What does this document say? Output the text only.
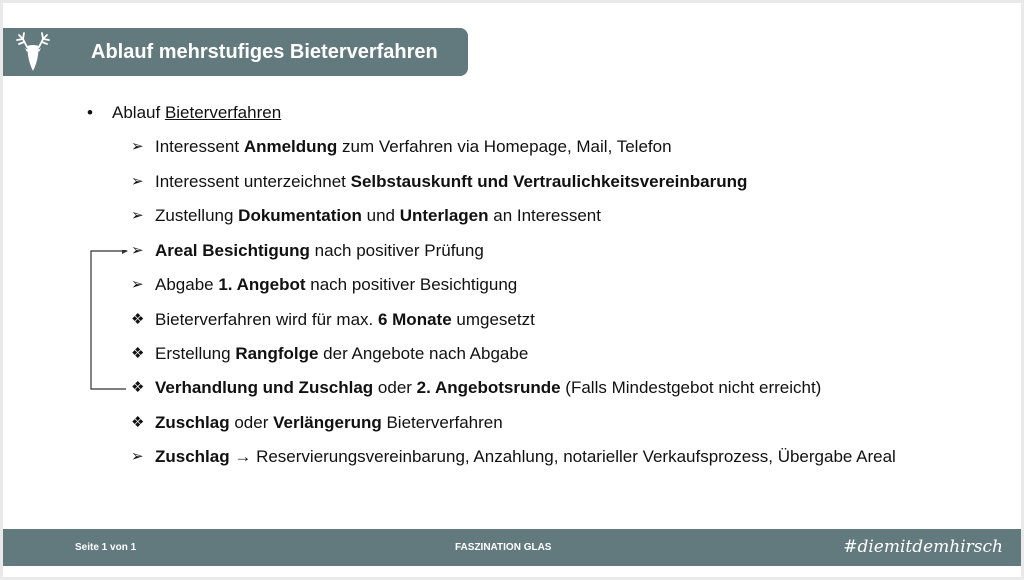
Ablauf mehrstufiges Bieterverfahren
• Ablauf Bieterverfahren
➢ Interessent Anmeldung zum Verfahren via Homepage, Mail, Telefon
➢ Interessent unterzeichnet Selbstauskunft und Vertraulichkeitsvereinbarung
➢ Zustellung Dokumentation und Unterlagen an Interessent
➢ Areal Besichtigung nach positiver Prüfung
➢ Abgabe 1. Angebot nach positiver Besichtigung
❖ Bieterverfahren wird für max. 6 Monate umgesetzt
❖ Erstellung Rangfolge der Angebote nach Abgabe
❖ Verhandlung und Zuschlag oder 2. Angebotsrunde (Falls Mindestgebot nicht erreicht)
❖ Zuschlag oder Verlängerung Bieterverfahren
➢ Zuschlag → Reservierungsvereinbarung, Anzahlung, notarieller Verkaufsprozess, Übergabe Areal
Seite 1 von 1	FASZINATION GLAS	#diemitdemhirsch
